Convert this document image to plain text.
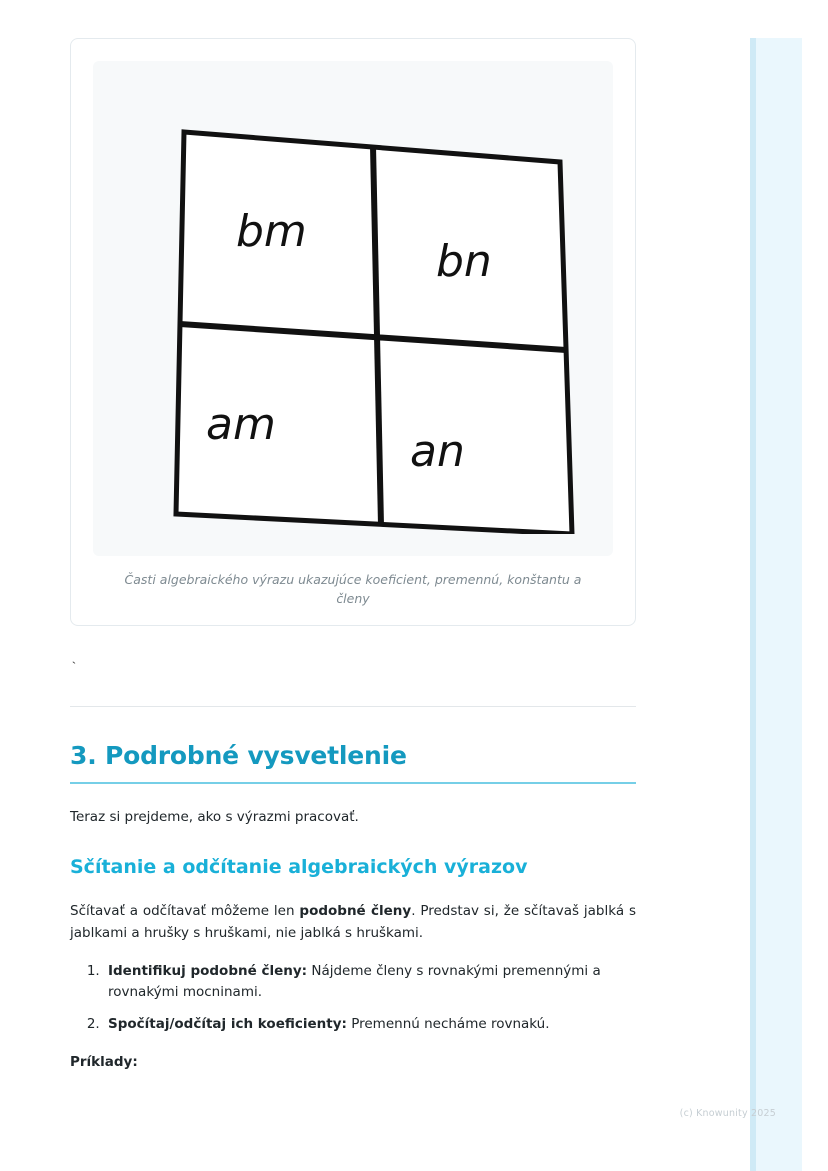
bm
bn
am
an
Časti algebraického výrazu ukazujúce koeficient, premennú, konštantu a členy
`
3. Podrobné vysvetlenie

Teraz si prejdeme, ako s výrazmi pracovať.

Sčítanie a odčítanie algebraických výrazov

Sčítavať a odčítavať môžeme len podobné členy. Predstav si, že sčítavaš jablká s jablkami a hrušky s hruškami, nie jablká s hruškami.

1. Identifikuj podobné členy: Nájdeme členy s rovnakými premennými a rovnakými mocninami.
2. Spočítaj/odčítaj ich koeficienty: Premennú necháme rovnakú.

Príklady:

(c) Knowunity 2025
